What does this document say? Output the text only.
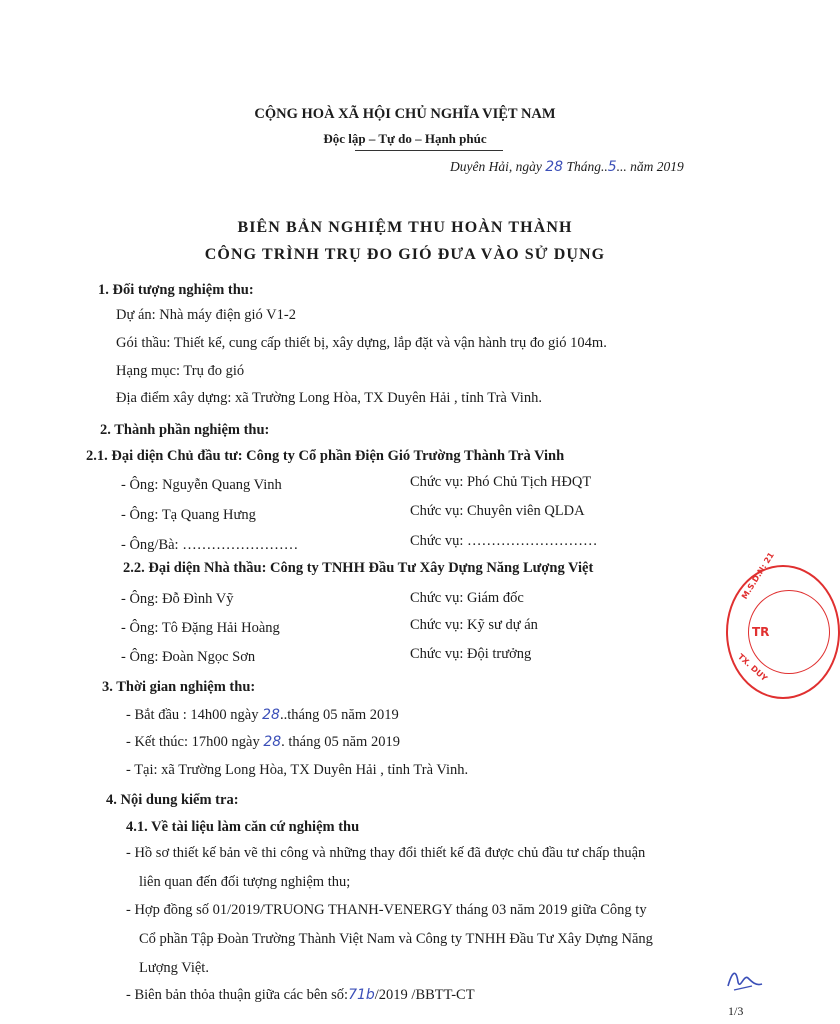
CỘNG HOÀ XÃ HỘI CHỦ NGHĨA VIỆT NAM
Độc lập – Tự do – Hạnh phúc
Duyên Hải, ngày 28 Tháng..5... năm 2019
BIÊN BẢN NGHIỆM THU HOÀN THÀNH
CÔNG TRÌNH TRỤ ĐO GIÓ ĐƯA VÀO SỬ DỤNG
1. Đối tượng nghiệm thu:
Dự án: Nhà máy điện gió V1-2
Gói thầu: Thiết kế, cung cấp thiết bị, xây dựng, lắp đặt và vận hành trụ đo gió 104m.
Hạng mục: Trụ đo gió
Địa điểm xây dựng: xã Trường Long Hòa, TX Duyên Hải , tỉnh Trà Vinh.
2. Thành phần nghiệm thu:
2.1. Đại diện Chủ đầu tư: Công ty Cổ phần Điện Gió Trường Thành Trà Vinh
- Ông: Nguyễn Quang Vinh	Chức vụ: Phó Chủ Tịch HĐQT
- Ông: Tạ Quang Hưng	Chức vụ: Chuyên viên QLDA
- Ông/Bà: ……………………	Chức vụ: ………………………
2.2. Đại diện Nhà thầu: Công ty TNHH Đầu Tư Xây Dựng Năng Lượng Việt
- Ông: Đỗ Đình Vỹ	Chức vụ: Giám đốc
- Ông: Tô Đặng Hải Hoàng	Chức vụ: Kỹ sư dự án
- Ông: Đoàn Ngọc Sơn	Chức vụ: Đội trưởng
3. Thời gian nghiệm thu:
- Bắt đầu : 14h00 ngày 28..tháng 05 năm 2019
- Kết thúc: 17h00 ngày 28. tháng 05 năm 2019
- Tại: xã Trường Long Hòa, TX Duyên Hải , tỉnh Trà Vinh.
4. Nội dung kiểm tra:
4.1. Về tài liệu làm căn cứ nghiệm thu
- Hồ sơ thiết kế bản vẽ thi công và những thay đổi thiết kế đã được chủ đầu tư chấp thuận
liên quan đến đối tượng nghiệm thu;
- Hợp đồng số 01/2019/TRUONG THANH-VENERGY tháng 03 năm 2019 giữa Công ty
Cổ phần Tập Đoàn Trường Thành Việt Nam và Công ty TNHH Đầu Tư Xây Dựng Năng
Lượng Việt.
- Biên bản thỏa thuận giữa các bên số:71b/2019 /BBTT-CT
M.S.D.N: 21
TR
TX. DUY
1/3
